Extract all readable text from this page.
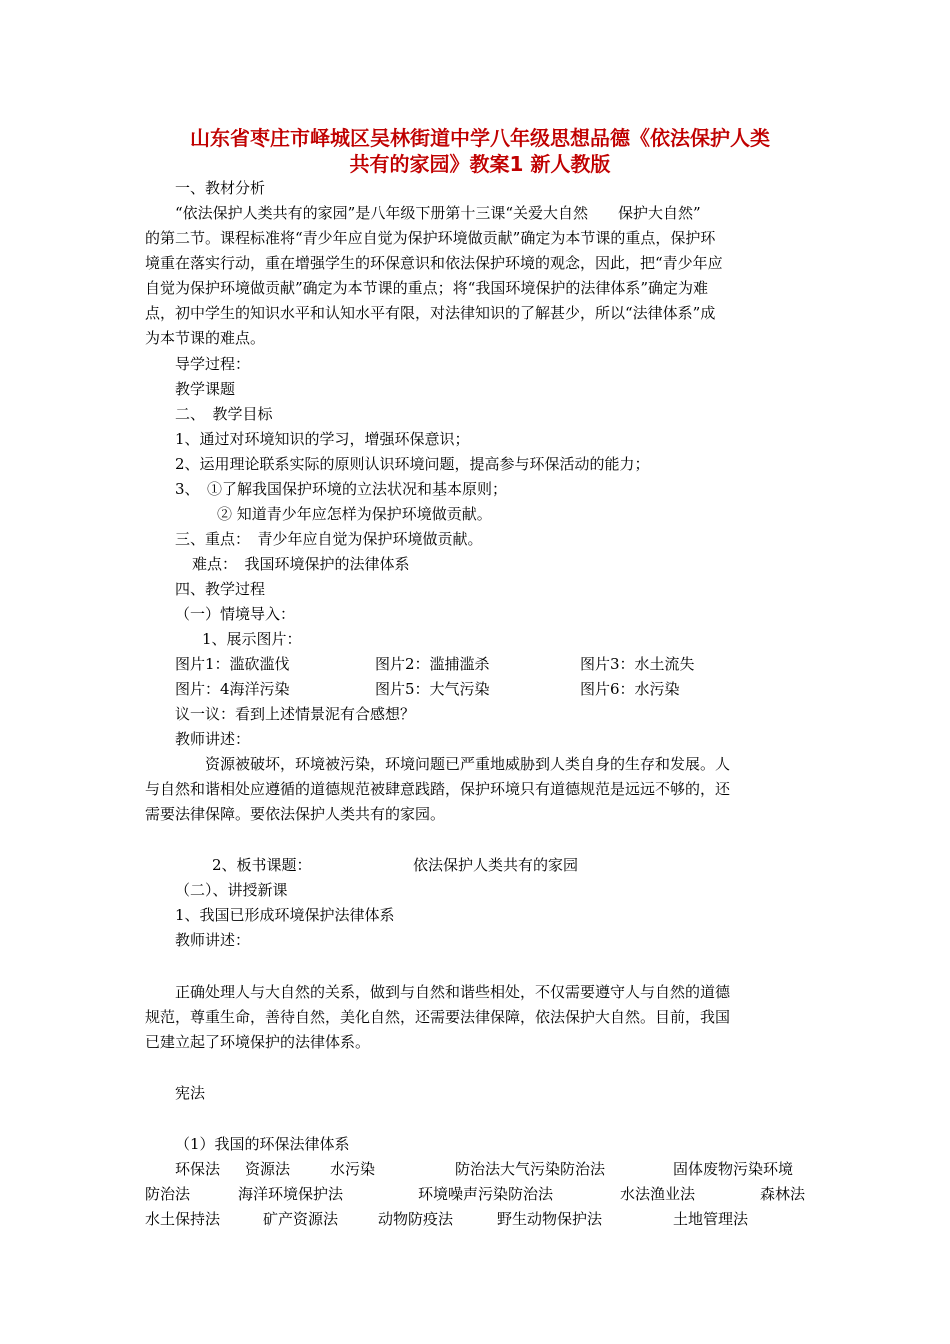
山东省枣庄市峄城区吴林街道中学八年级思想品德《依法保护人类
共有的家园》教案1 新人教版
一、教材分析
“依法保护人类共有的家园”是八年级下册第十三课“关爱大自然　　保护大自然”
的第二节。课程标准将“青少年应自觉为保护环境做贡献”确定为本节课的重点，保护环
境重在落实行动，重在增强学生的环保意识和依法保护环境的观念，因此，把“青少年应
自觉为保护环境做贡献”确定为本节课的重点；将“我国环境保护的法律体系”确定为难
点，初中学生的知识水平和认知水平有限，对法律知识的了解甚少，所以“法律体系”成
为本节课的难点。
导学过程：
教学课题
二、　教学目标
1、通过对环境知识的学习，增强环保意识；
2、运用理论联系实际的原则认识环境问题，提高参与环保活动的能力；
3、　①了解我国保护环境的立法状况和基本原则；
② 知道青少年应怎样为保护环境做贡献。
三、重点：　青少年应自觉为保护环境做贡献。
难点：　我国环境保护的法律体系
四、教学过程
（一）情境导入：
1、展示图片：
图片1：滥砍滥伐	图片2：滥捕滥杀	图片3：水土流失
图片：4海洋污染	图片5：大气污染	图片6：水污染
议一议：看到上述情景泥有合感想？
教师讲述：
资源被破坏，环境被污染，环境问题已严重地威胁到人类自身的生存和发展。人
与自然和谐相处应遵循的道德规范被肆意践踏，保护环境只有道德规范是远远不够的，还
需要法律保障。要依法保护人类共有的家园。
2、板书课题：	依法保护人类共有的家园
（二）、讲授新课
1、我国已形成环境保护法律体系
教师讲述：
正确处理人与大自然的关系，做到与自然和谐些相处，不仅需要遵守人与自然的道德
规范，尊重生命，善待自然，美化自然，还需要法律保障，依法保护大自然。目前，我国
已建立起了环境保护的法律体系。
宪法
（1）我国的环保法律体系
环保法 资源法	水污染	防治法大气污染防治法	固体废物污染环境
防治法	海洋环境保护法	环境噪声污染防治法	水法渔业法	森林法
水土保持法	矿产资源法	动物防疫法	野生动物保护法	土地管理法
